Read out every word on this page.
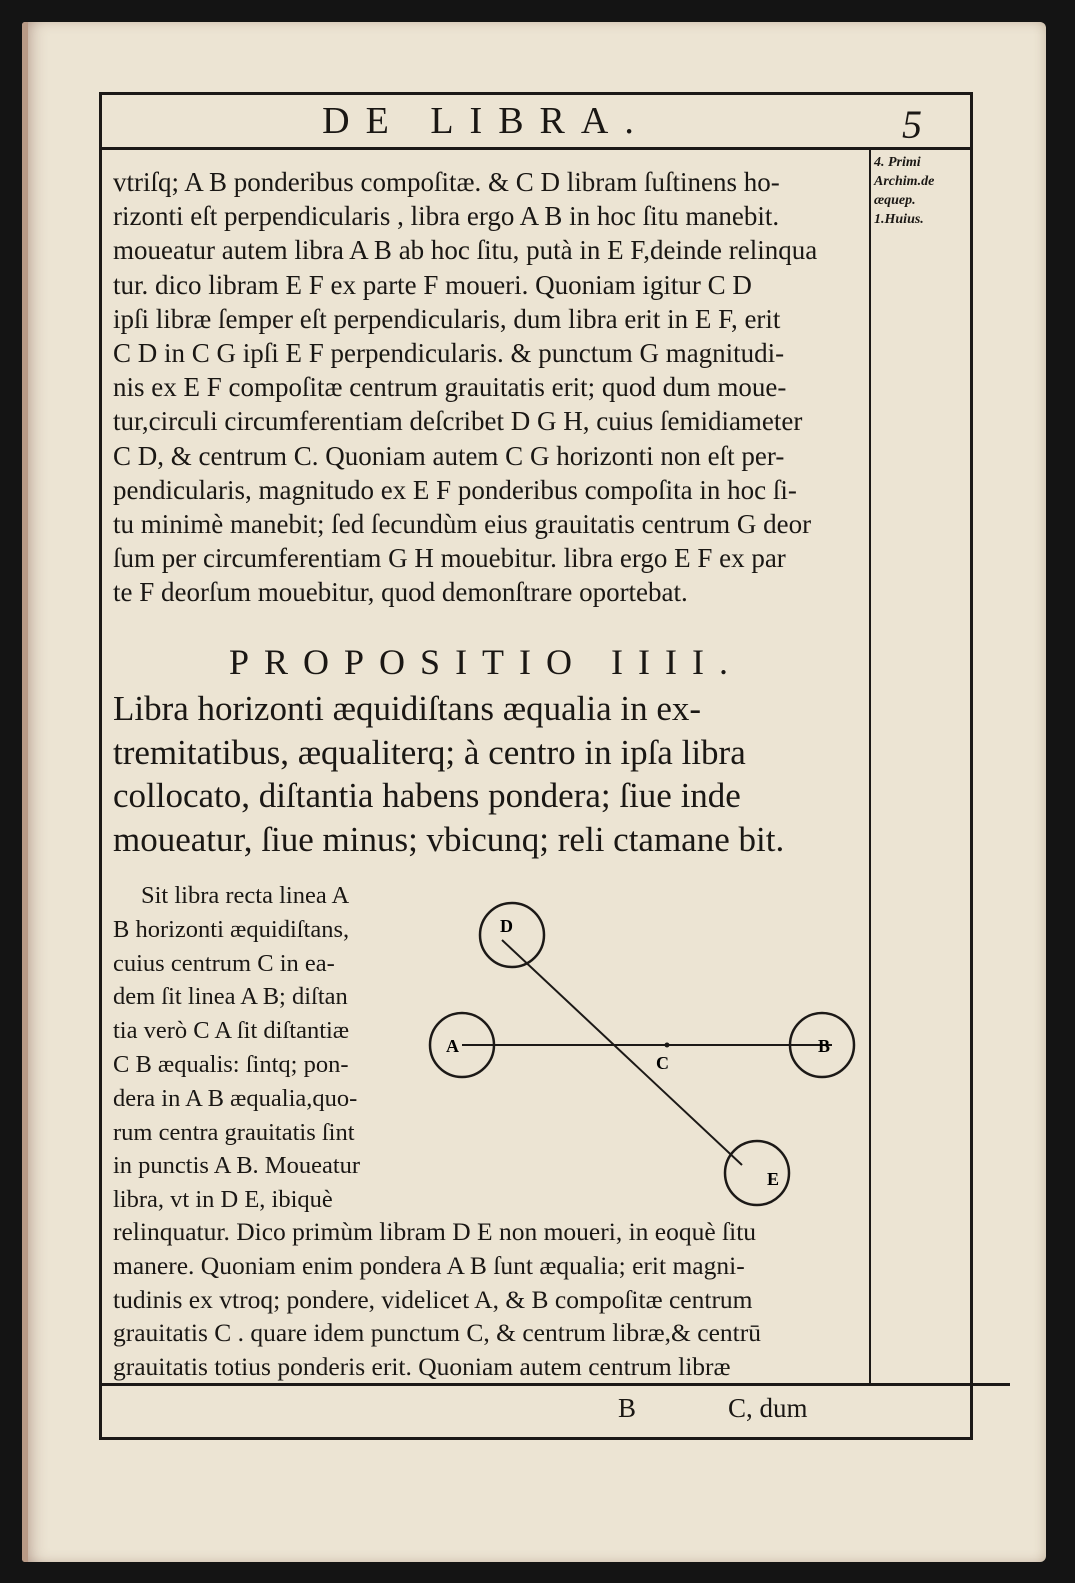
DE LIBRA.	5
4. Primi
Archim.de
æquep.
1.Huius.
vtriſq; A B ponderibus compoſitæ. & C D libram ſuſtinens ho-
rizonti eſt perpendicularis , libra ergo A B in hoc ſitu manebit.
moueatur autem libra A B ab hoc ſitu, putà in E F,deinde relinqua
tur. dico libram E F ex parte F moueri. Quoniam igitur C D
ipſi libræ ſemper eſt perpendicularis, dum libra erit in E F, erit
C D in C G ipſi E F perpendicularis. & punctum G magnitudi-
nis ex E F compoſitæ centrum grauitatis erit; quod dum moue-
tur,circuli circumferentiam deſcribet D G H, cuius ſemidiameter
C D, & centrum C. Quoniam autem C G horizonti non eſt per-
pendicularis, magnitudo ex E F ponderibus compoſita in hoc ſi-
tu minimè manebit; ſed ſecundùm eius grauitatis centrum G deor
ſum per circumferentiam G H mouebitur. libra ergo E F ex par
te F deorſum mouebitur, quod demonſtrare oportebat.
PROPOSITIO IIII.
Libra horizonti æquidiſtans æqualia in ex-
tremitatibus, æqualiterq; à centro in ipſa libra
collocato, diſtantia habens pondera; ſiue inde
moueatur, ſiue minus; vbicunq; reli ctamane bit.
Sit libra recta linea A
B horizonti æquidiſtans,
cuius centrum C in ea-
dem ſit linea A B; diſtan
tia verò C A ſit diſtantiæ
C B æqualis: ſintq; pon-
dera in A B æqualia,quo-
rum centra grauitatis ſint
in punctis A B. Moueatur
libra, vt in D E, ibiquè
D
A	B
C
E
relinquatur. Dico primùm libram D E non moueri, in eoquè ſitu
manere. Quoniam enim pondera A B ſunt æqualia; erit magni-
tudinis ex vtroq; pondere, videlicet A, & B compoſitæ centrum
grauitatis C . quare idem punctum C, & centrum libræ,& centrū
grauitatis totius ponderis erit. Quoniam autem centrum libræ
B	C, dum
